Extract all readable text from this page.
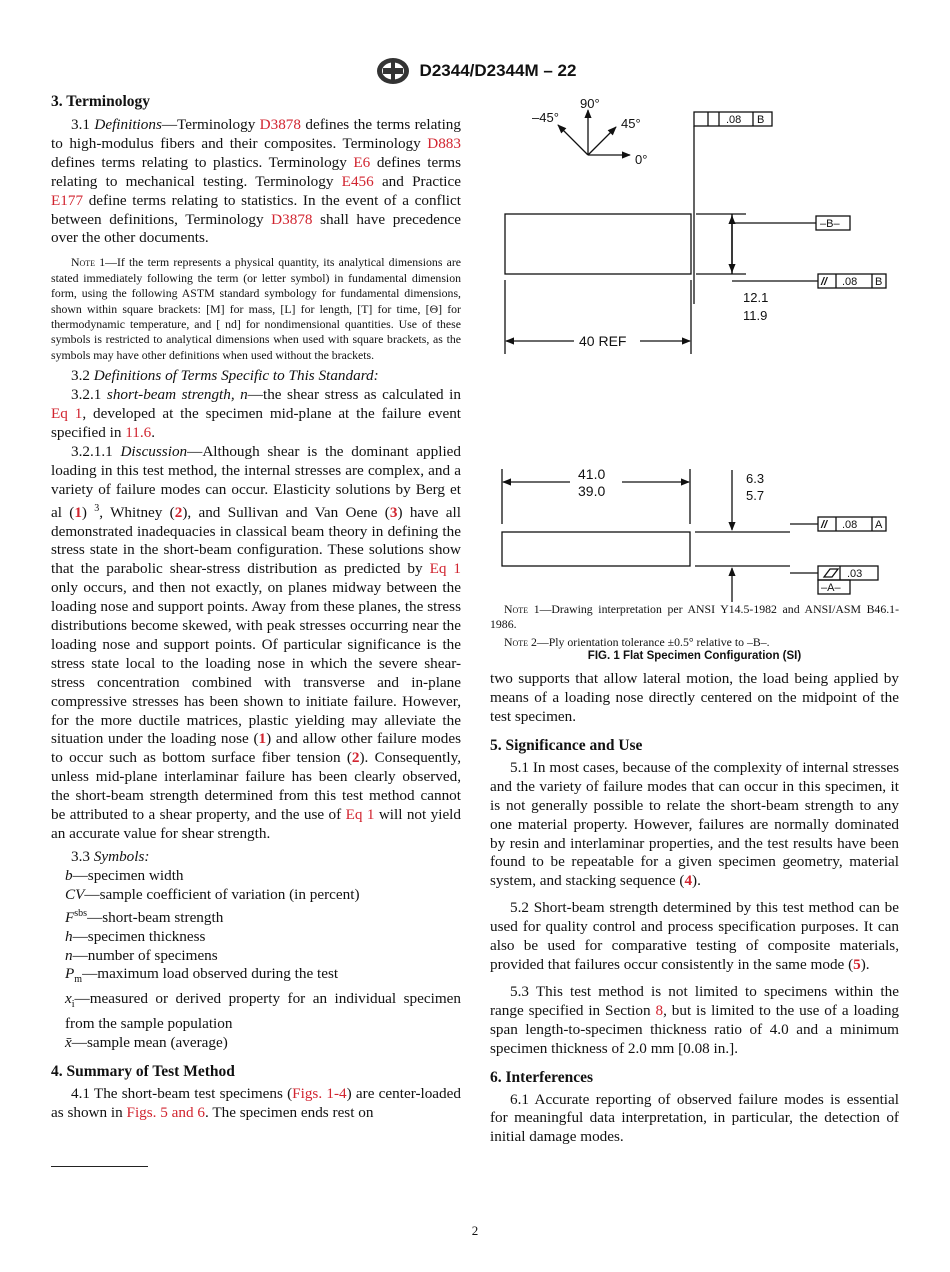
D2344/D2344M – 22
3. Terminology

3.1 Definitions—Terminology D3878 defines the terms relating to high-modulus fibers and their composites. Terminology D883 defines terms relating to plastics. Terminology E6 defines terms relating to mechanical testing. Terminology E456 and Practice E177 define terms relating to statistics. In the event of a conflict between definitions, Terminology D3878 shall have precedence over the other documents.

Note 1—If the term represents a physical quantity, its analytical dimensions are stated immediately following the term (or letter symbol) in fundamental dimension form, using the following ASTM standard symbology for fundamental dimensions, shown within square brackets: [M] for mass, [L] for length, [T] for time, [Θ] for thermodynamic temperature, and [ nd] for nondimensional quantities. Use of these symbols is restricted to analytical dimensions when used with square brackets, as the symbols may have other definitions when used without the brackets.

3.2 Definitions of Terms Specific to This Standard:

3.2.1 short-beam strength, n—the shear stress as calculated in Eq 1, developed at the specimen mid-plane at the failure event specified in 11.6.

3.2.1.1 Discussion—Although shear is the dominant applied loading in this test method, the internal stresses are complex, and a variety of failure modes can occur. Elasticity solutions by Berg et al (1) $^3$, Whitney (2), and Sullivan and Van Oene (3) have all demonstrated inadequacies in classical beam theory in defining the stress state in the short-beam configuration. These solutions show that the parabolic shear-stress distribution as predicted by Eq 1 only occurs, and then not exactly, on planes midway between the loading nose and support points. Away from these planes, the stress distributions become skewed, with peak stresses occurring near the loading nose and support points. Of particular significance is the stress state local to the loading nose in which the severe shear-stress concentration combined with transverse and in-plane compressive stresses has been shown to initiate failure. However, for the more ductile matrices, plastic yielding may alleviate the situation under the loading nose (1) and allow other failure modes to occur such as bottom surface fiber tension (2). Consequently, unless mid-plane interlaminar failure has been clearly observed, the short-beam strength determined from this test method cannot be attributed to a shear property, and the use of Eq 1 will not yield an accurate value for shear strength.

3.3 Symbols:

b—specimen width

CV—sample coefficient of variation (in percent)

$F^{sbs}—short$-beam strength

h—specimen thickness

n—number of specimens

$P_m—maximum$ load observed during the test

$x_i—measured$ or derived property for an individual specimen from the sample population

x̄—sample mean (average)

4. Summary of Test Method

4.1 The short-beam test specimens (Figs. 1-4) are center-loaded as shown in Figs. 5 and 6. The specimen ends rest on

90°
–45°	45°
0°
.08 B
–B–
// .08 B
12.1
11.9
40 REF
41.0
39.0
6.3
5.7
// .08 A
.03
–A–

Note 1—Drawing interpretation per ANSI Y14.5-1982 and ANSI/ASM B46.1-1986.

Note 2—Ply orientation tolerance ±0.5° relative to –B–.

FIG. 1 Flat Specimen Configuration (SI)

two supports that allow lateral motion, the load being applied by means of a loading nose directly centered on the midpoint of the test specimen.

5. Significance and Use

5.1 In most cases, because of the complexity of internal stresses and the variety of failure modes that can occur in this specimen, it is not generally possible to relate the short-beam strength to any one material property. However, failures are normally dominated by resin and interlaminar properties, and the test results have been found to be repeatable for a given specimen geometry, material system, and stacking sequence (4).

5.2 Short-beam strength determined by this test method can be used for quality control and process specification purposes. It can also be used for comparative testing of composite materials, provided that failures occur consistently in the same mode (5).

5.3 This test method is not limited to specimens within the range specified in Section 8, but is limited to the use of a loading span length-to-specimen thickness ratio of 4.0 and a minimum specimen thickness of 2.0 mm [0.08 in.].

6. Interferences

6.1 Accurate reporting of observed failure modes is essential for meaningful data interpretation, in particular, the detection of initial damage modes.

2
